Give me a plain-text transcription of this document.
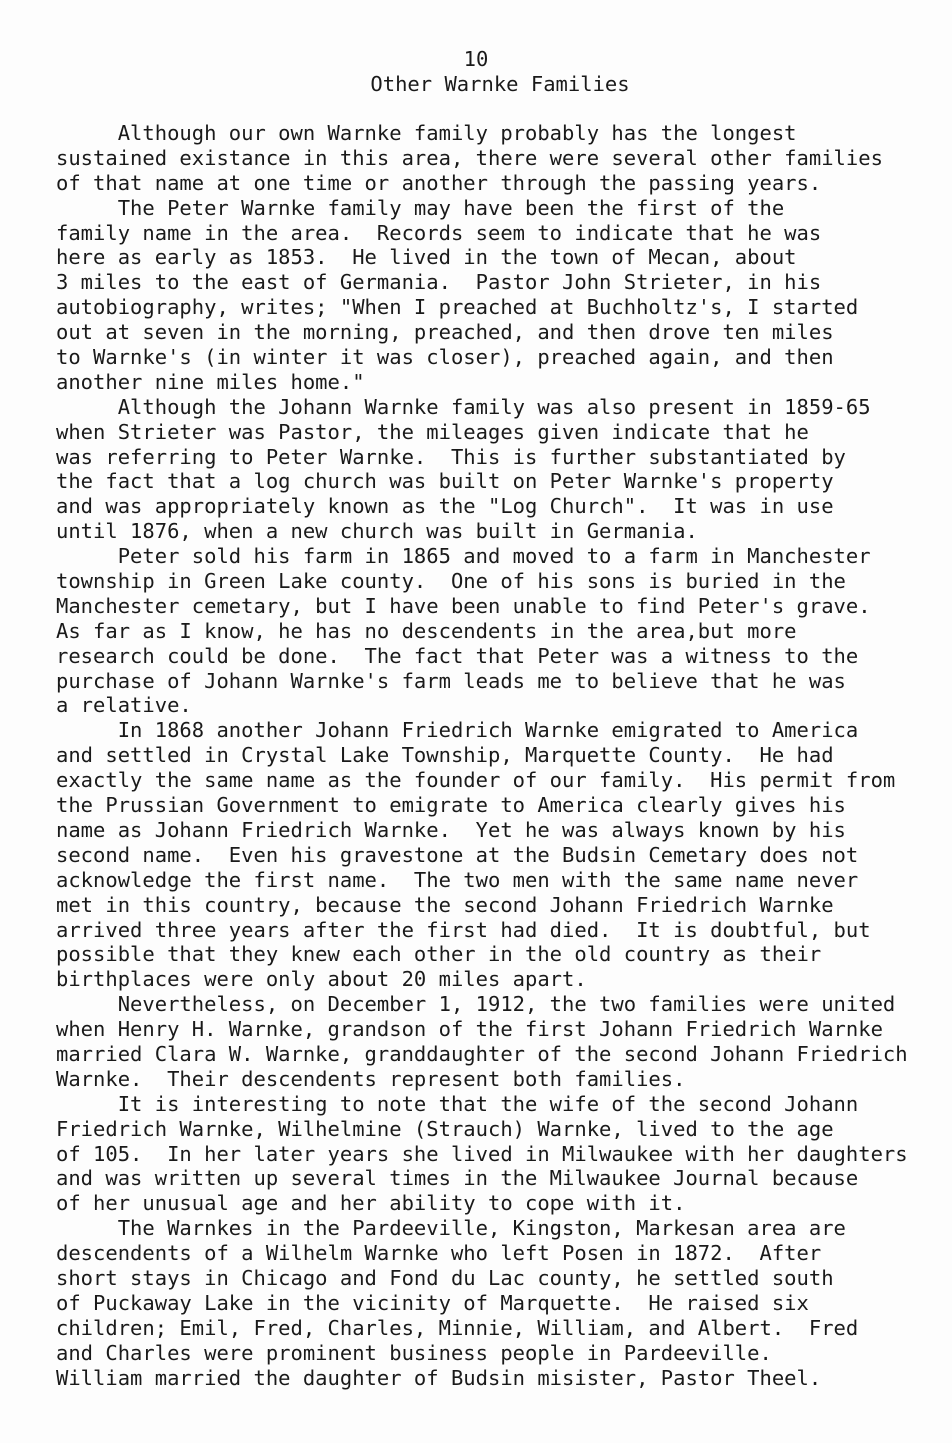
10
Other Warnke Families
Although our own Warnke family probably has the longest
sustained existance in this area, there were several other families
of that name at one time or another through the passing years.
The Peter Warnke family may have been the first of the
family name in the area.  Records seem to indicate that he was
here as early as 1853.  He lived in the town of Mecan, about
3 miles to the east of Germania.  Pastor John Strieter, in his
autobiography, writes; "When I preached at Buchholtz's, I started
out at seven in the morning, preached, and then drove ten miles
to Warnke's (in winter it was closer), preached again, and then
another nine miles home."
Although the Johann Warnke family was also present in 1859-65
when Strieter was Pastor, the mileages given indicate that he
was referring to Peter Warnke.  This is further substantiated by
the fact that a log church was built on Peter Warnke's property
and was appropriately known as the "Log Church".  It was in use
until 1876, when a new church was built in Germania.
Peter sold his farm in 1865 and moved to a farm in Manchester
township in Green Lake county.  One of his sons is buried in the
Manchester cemetary, but I have been unable to find Peter's grave.
As far as I know, he has no descendents in the area,but more
research could be done.  The fact that Peter was a witness to the
purchase of Johann Warnke's farm leads me to believe that he was
a relative.
In 1868 another Johann Friedrich Warnke emigrated to America
and settled in Crystal Lake Township, Marquette County.  He had
exactly the same name as the founder of our family.  His permit from
the Prussian Government to emigrate to America clearly gives his
name as Johann Friedrich Warnke.  Yet he was always known by his
second name.  Even his gravestone at the Budsin Cemetary does not
acknowledge the first name.  The two men with the same name never
met in this country, because the second Johann Friedrich Warnke
arrived three years after the first had died.  It is doubtful, but
possible that they knew each other in the old country as their
birthplaces were only about 20 miles apart.
Nevertheless, on December 1, 1912, the two families were united
when Henry H. Warnke, grandson of the first Johann Friedrich Warnke
married Clara W. Warnke, granddaughter of the second Johann Friedrich
Warnke.  Their descendents represent both families.
It is interesting to note that the wife of the second Johann
Friedrich Warnke, Wilhelmine (Strauch) Warnke, lived to the age
of 105.  In her later years she lived in Milwaukee with her daughters
and was written up several times in the Milwaukee Journal because
of her unusual age and her ability to cope with it.
The Warnkes in the Pardeeville, Kingston, Markesan area are
descendents of a Wilhelm Warnke who left Posen in 1872.  After
short stays in Chicago and Fond du Lac county, he settled south
of Puckaway Lake in the vicinity of Marquette.  He raised six
children; Emil, Fred, Charles, Minnie, William, and Albert.  Fred
and Charles were prominent business people in Pardeeville.
William married the daughter of Budsin misister, Pastor Theel.
